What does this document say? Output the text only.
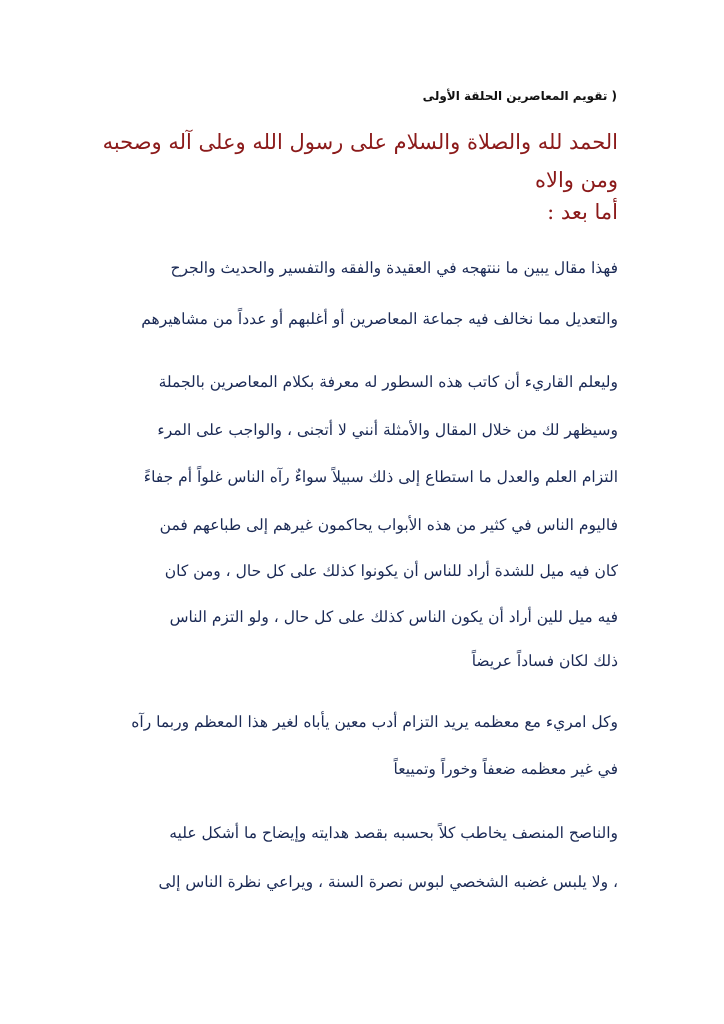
( تقويم المعاصرين الحلقة الأولى
الحمد لله والصلاة والسلام على رسول الله وعلى آله وصحبه
ومن والاه
أما بعد :
فهذا مقال يبين ما ننتهجه في العقيدة والفقه والتفسير والحديث والجرح
والتعديل مما نخالف فيه جماعة المعاصرين أو أغلبهم أو عدداً من مشاهيرهم
وليعلم القاريء أن كاتب هذه السطور له معرفة بكلام المعاصرين بالجملة
وسيظهر لك من خلال المقال والأمثلة أنني لا أتجنى ، والواجب على المرء
التزام العلم والعدل ما استطاع إلى ذلك سبيلاً سواءٌ رآه الناس غلواً أم جفاءً
فاليوم الناس في كثير من هذه الأبواب يحاكمون غيرهم إلى طباعهم فمن
كان فيه ميل للشدة أراد للناس أن يكونوا كذلك على كل حال ، ومن كان
فيه ميل للين أراد أن يكون الناس كذلك على كل حال ، ولو التزم الناس
ذلك لكان فساداً عريضاً
وكل امريء مع معظمه يريد التزام أدب معين يأباه لغير هذا المعظم وربما رآه
في غير معظمه ضعفاً وخوراً وتمييعاً
والناصح المنصف يخاطب كلاً بحسبه بقصد هدايته وإيضاح ما أشكل عليه
، ولا يلبس غضبه الشخصي لبوس نصرة السنة ، ويراعي نظرة الناس إلى
